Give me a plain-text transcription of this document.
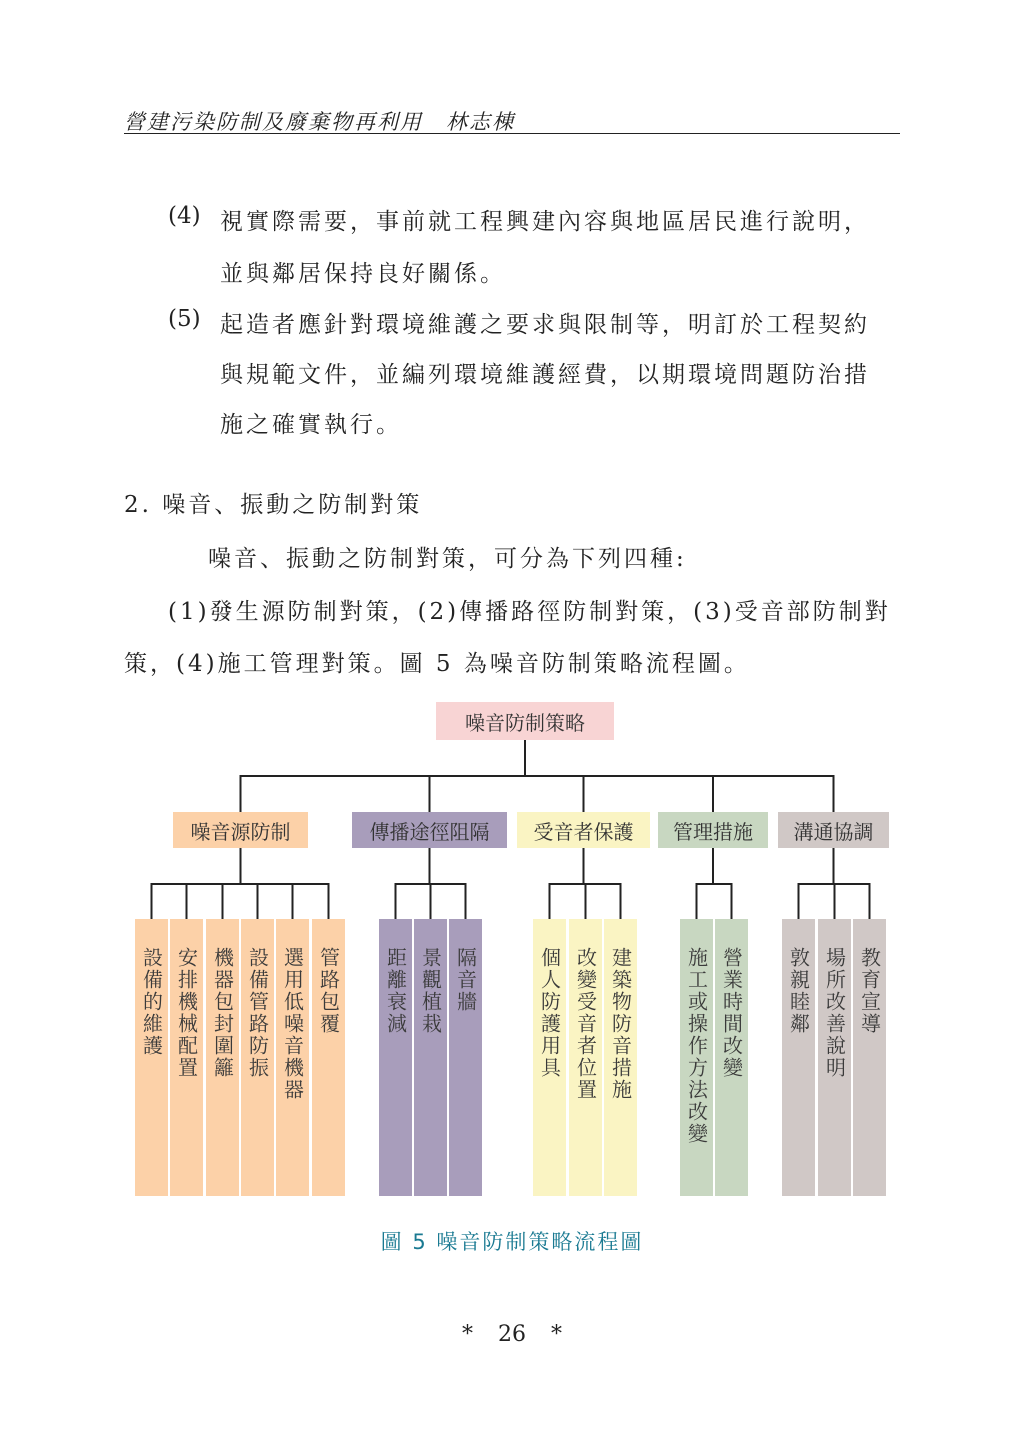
營建污染防制及廢棄物再利用　林志棟
(4) 視實際需要，事前就工程興建內容與地區居民進行說明，
並與鄰居保持良好關係。
(5) 起造者應針對環境維護之要求與限制等，明訂於工程契約
與規範文件，並編列環境維護經費，以期環境問題防治措
施之確實執行。
2. 噪音、振動之防制對策
噪音、振動之防制對策，可分為下列四種:
(1)發生源防制對策，(2)傳播路徑防制對策，(3)受音部防制對
策，(4)施工管理對策。圖 5 為噪音防制策略流程圖。
噪音防制策略
噪音源防制
設備的維護 安排機械配置 機器包封圍籬 設備管路防振 選用低噪音機器 管路包覆
傳播途徑阻隔
距離衰減 景觀植栽 隔音牆
受音者保護
個人防護用具 改變受音者位置 建築物防音措施
管理措施
施工或操作方法改變 營業時間改變
溝通協調
敦親睦鄰 場所改善說明 教育宣導
圖 5 噪音防制策略流程圖
* 26 *
